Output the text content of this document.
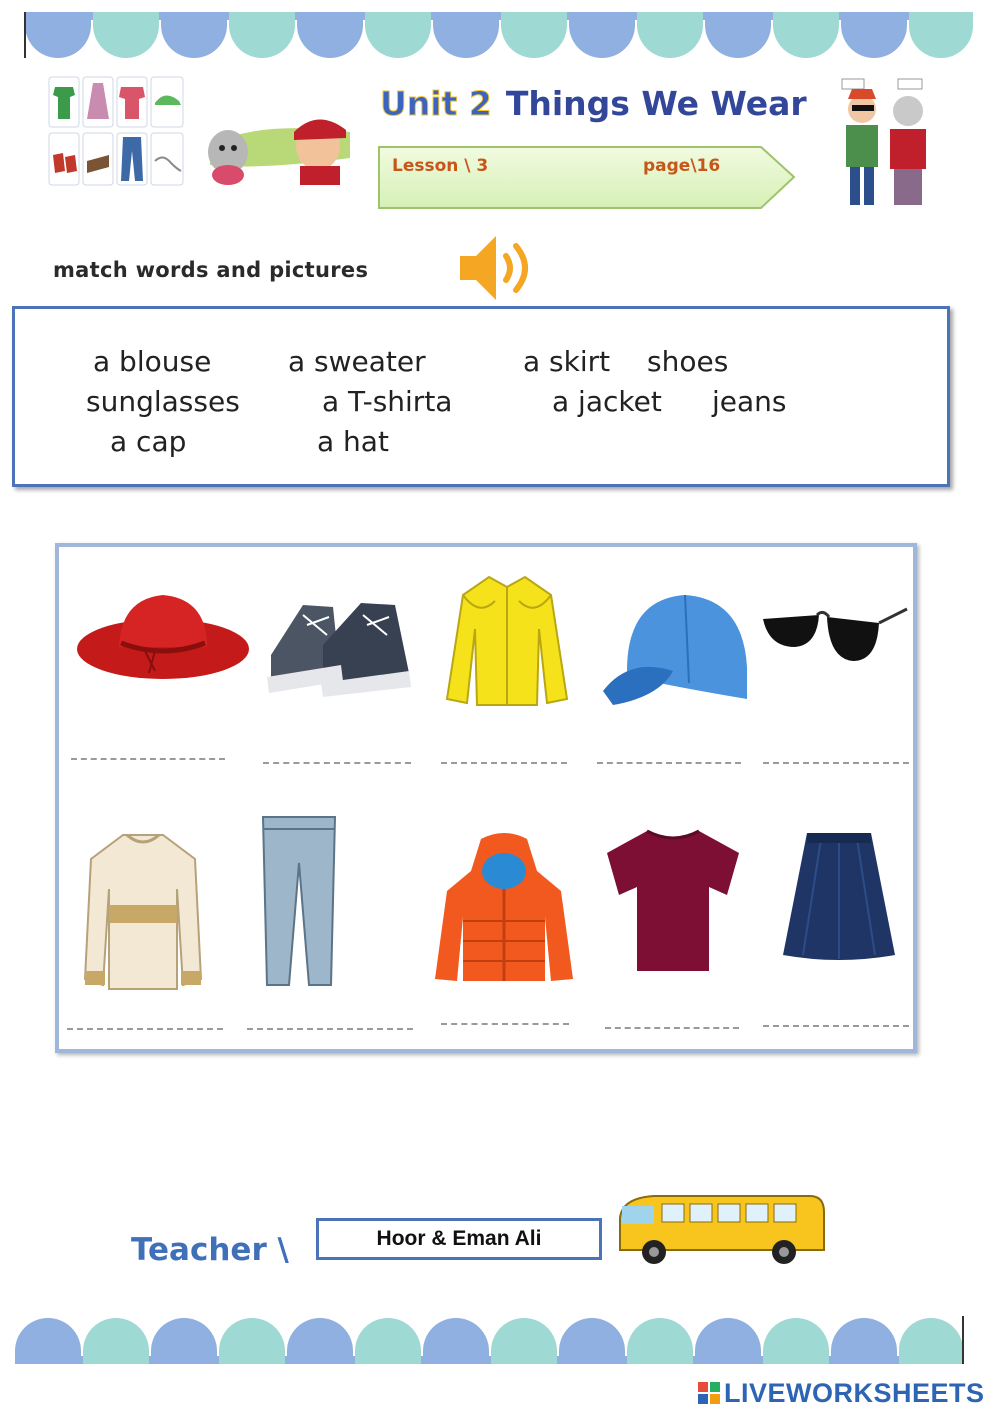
Unit 2 Things We Wear
Lesson \ 3	page\16
match words and pictures
a blouse	a sweater	a skirt shoes
sunglasses	a T-shirta	a jacket jeans
a cap	a hat
Teacher \	Hoor & Eman Ali
LIVEWORKSHEETS
